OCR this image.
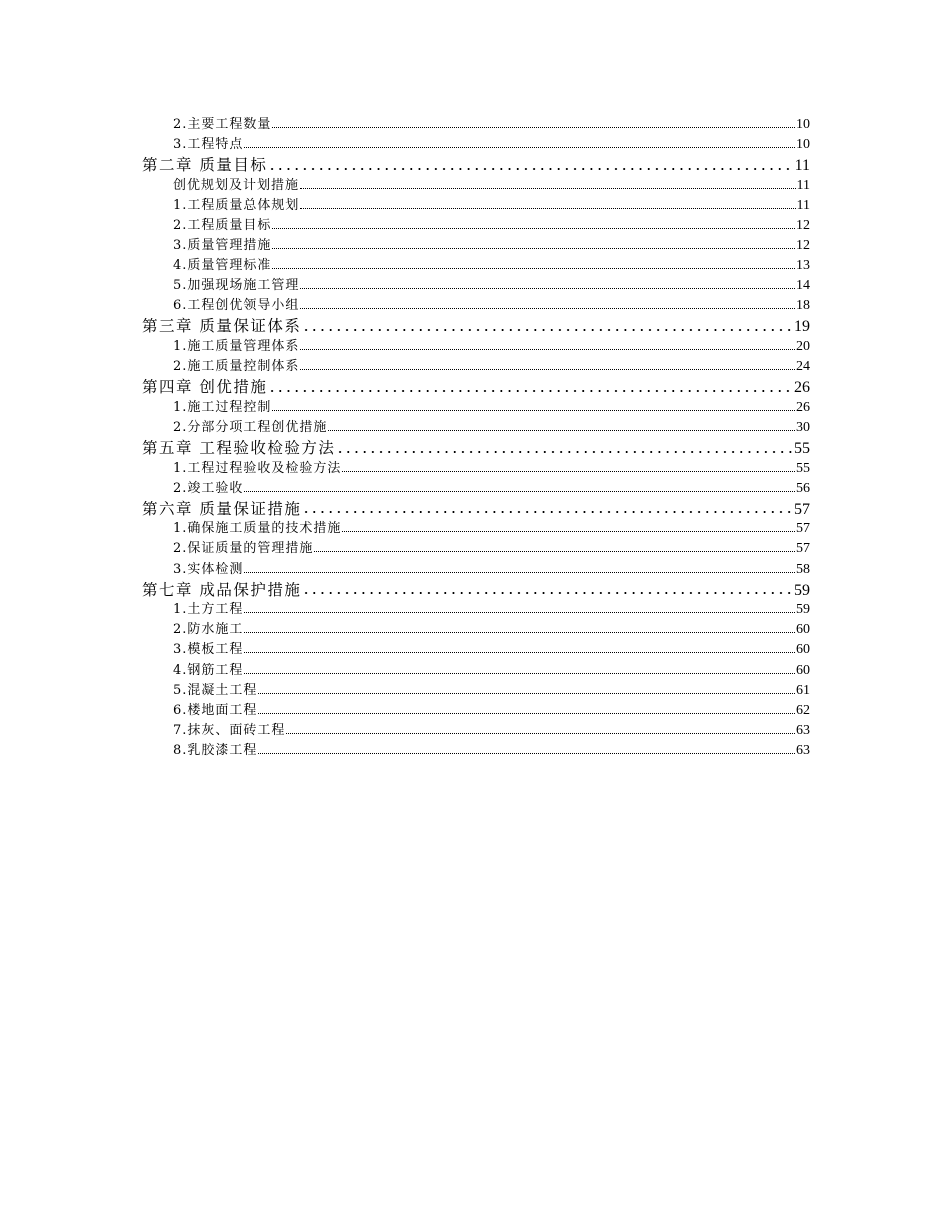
2.主要工程数量	10
3.工程特点	10
第二章 质量目标	11
创优规划及计划措施	11
1.工程质量总体规划	11
2.工程质量目标	12
3.质量管理措施	12
4.质量管理标准	13
5.加强现场施工管理	14
6.工程创优领导小组	18
第三章 质量保证体系	19
1.施工质量管理体系	20
2.施工质量控制体系	24
第四章 创优措施	26
1.施工过程控制	26
2.分部分项工程创优措施	30
第五章 工程验收检验方法	55
1.工程过程验收及检验方法	55
2.竣工验收	56
第六章 质量保证措施	57
1.确保施工质量的技术措施	57
2.保证质量的管理措施	57
3.实体检测	58
第七章 成品保护措施	59
1.土方工程	59
2.防水施工	60
3.模板工程	60
4.钢筋工程	60
5.混凝土工程	61
6.楼地面工程	62
7.抹灰、面砖工程	63
8.乳胶漆工程	63
